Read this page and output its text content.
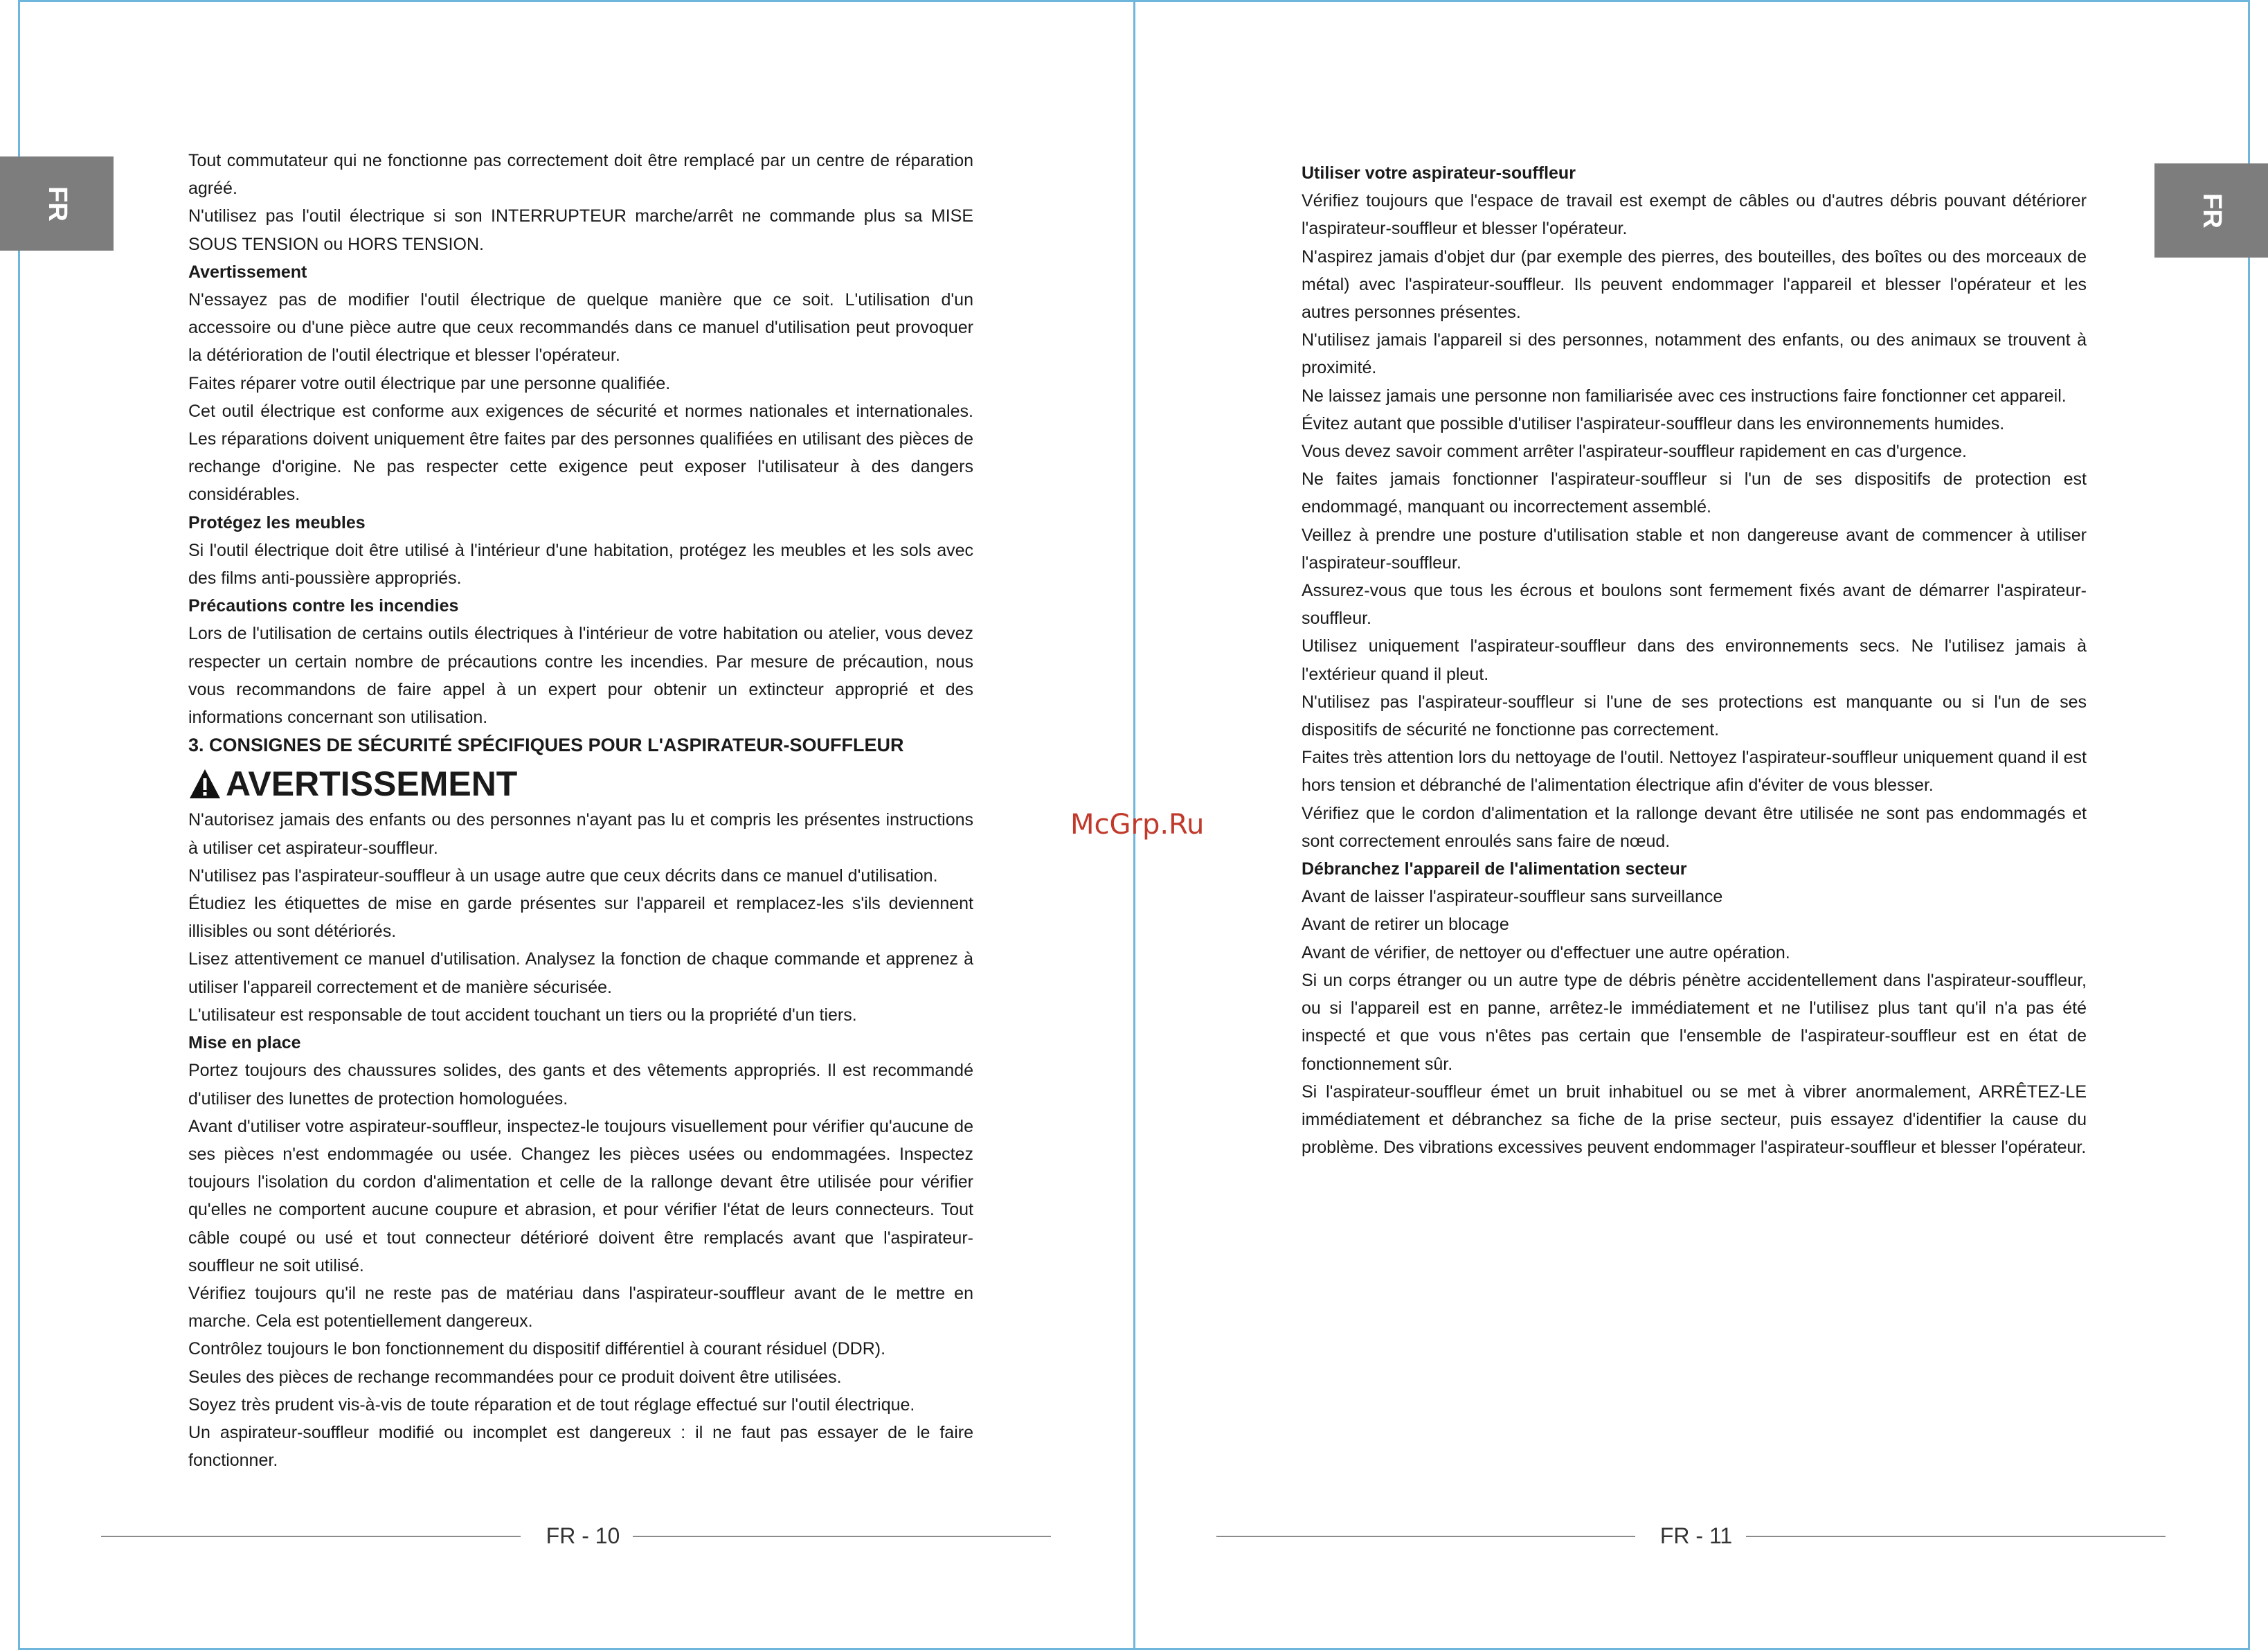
FR	FR

Tout commutateur qui ne fonctionne pas correctement doit être remplacé par un centre de réparation agréé.

N'utilisez pas l'outil électrique si son INTERRUPTEUR marche/arrêt ne commande plus sa MISE SOUS TENSION ou HORS TENSION.

Avertissement

N'essayez pas de modifier l'outil électrique de quelque manière que ce soit. L'utilisation d'un accessoire ou d'une pièce autre que ceux recommandés dans ce manuel d'utilisation peut provoquer la détérioration de l'outil électrique et blesser l'opérateur.

Faites réparer votre outil électrique par une personne qualifiée.

Cet outil électrique est conforme aux exigences de sécurité et normes nationales et internationales. Les réparations doivent uniquement être faites par des personnes qualifiées en utilisant des pièces de rechange d'origine. Ne pas respecter cette exigence peut exposer l'utilisateur à des dangers considérables.

Protégez les meubles

Si l'outil électrique doit être utilisé à l'intérieur d'une habitation, protégez les meubles et les sols avec des films anti-poussière appropriés.

Précautions contre les incendies

Lors de l'utilisation de certains outils électriques à l'intérieur de votre habitation ou atelier, vous devez respecter un certain nombre de précautions contre les incendies. Par mesure de précaution, nous vous recommandons de faire appel à un expert pour obtenir un extincteur approprié et des informations concernant son utilisation.

3. CONSIGNES DE SÉCURITÉ SPÉCIFIQUES POUR L'ASPIRATEUR-SOUFFLEUR

AVERTISSEMENT

N'autorisez jamais des enfants ou des personnes n'ayant pas lu et compris les présentes instructions à utiliser cet aspirateur-souffleur.

N'utilisez pas l'aspirateur-souffleur à un usage autre que ceux décrits dans ce manuel d'utilisation.

Étudiez les étiquettes de mise en garde présentes sur l'appareil et remplacez-les s'ils deviennent illisibles ou sont détériorés.

Lisez attentivement ce manuel d'utilisation. Analysez la fonction de chaque commande et apprenez à utiliser l'appareil correctement et de manière sécurisée.

L'utilisateur est responsable de tout accident touchant un tiers ou la propriété d'un tiers.

Mise en place

Portez toujours des chaussures solides, des gants et des vêtements appropriés. Il est recommandé d'utiliser des lunettes de protection homologuées.

Avant d'utiliser votre aspirateur-souffleur, inspectez-le toujours visuellement pour vérifier qu'aucune de ses pièces n'est endommagée ou usée. Changez les pièces usées ou endommagées. Inspectez toujours l'isolation du cordon d'alimentation et celle de la rallonge devant être utilisée pour vérifier qu'elles ne comportent aucune coupure et abrasion, et pour vérifier l'état de leurs connecteurs. Tout câble coupé ou usé et tout connecteur détérioré doivent être remplacés avant que l'aspirateur-souffleur ne soit utilisé.

Vérifiez toujours qu'il ne reste pas de matériau dans l'aspirateur-souffleur avant de le mettre en marche. Cela est potentiellement dangereux.

Contrôlez toujours le bon fonctionnement du dispositif différentiel à courant résiduel (DDR).

Seules des pièces de rechange recommandées pour ce produit doivent être utilisées.

Soyez très prudent vis-à-vis de toute réparation et de tout réglage effectué sur l'outil électrique.

Un aspirateur-souffleur modifié ou incomplet est dangereux : il ne faut pas essayer de le faire fonctionner.

Utiliser votre aspirateur-souffleur

Vérifiez toujours que l'espace de travail est exempt de câbles ou d'autres débris pouvant détériorer l'aspirateur-souffleur et blesser l'opérateur.

N'aspirez jamais d'objet dur (par exemple des pierres, des bouteilles, des boîtes ou des morceaux de métal) avec l'aspirateur-souffleur. Ils peuvent endommager l'appareil et blesser l'opérateur et les autres personnes présentes.

N'utilisez jamais l'appareil si des personnes, notamment des enfants, ou des animaux se trouvent à proximité.

Ne laissez jamais une personne non familiarisée avec ces instructions faire fonctionner cet appareil.

Évitez autant que possible d'utiliser l'aspirateur-souffleur dans les environnements humides.

Vous devez savoir comment arrêter l'aspirateur-souffleur rapidement en cas d'urgence.

Ne faites jamais fonctionner l'aspirateur-souffleur si l'un de ses dispositifs de protection est endommagé, manquant ou incorrectement assemblé.

Veillez à prendre une posture d'utilisation stable et non dangereuse avant de commencer à utiliser l'aspirateur-souffleur.

Assurez-vous que tous les écrous et boulons sont fermement fixés avant de démarrer l'aspirateur-souffleur.

Utilisez uniquement l'aspirateur-souffleur dans des environnements secs. Ne l'utilisez jamais à l'extérieur quand il pleut.

N'utilisez pas l'aspirateur-souffleur si l'une de ses protections est manquante ou si l'un de ses dispositifs de sécurité ne fonctionne pas correctement.

Faites très attention lors du nettoyage de l'outil. Nettoyez l'aspirateur-souffleur uniquement quand il est hors tension et débranché de l'alimentation électrique afin d'éviter de vous blesser.

Vérifiez que le cordon d'alimentation et la rallonge devant être utilisée ne sont pas endommagés et sont correctement enroulés sans faire de nœud.

Débranchez l'appareil de l'alimentation secteur

Avant de laisser l'aspirateur-souffleur sans surveillance

Avant de retirer un blocage

Avant de vérifier, de nettoyer ou d'effectuer une autre opération.

Si un corps étranger ou un autre type de débris pénètre accidentellement dans l'aspirateur-souffleur, ou si l'appareil est en panne, arrêtez-le immédiatement et ne l'utilisez plus tant qu'il n'a pas été inspecté et que vous n'êtes pas certain que l'ensemble de l'aspirateur-souffleur est en état de fonctionnement sûr.

Si l'aspirateur-souffleur émet un bruit inhabituel ou se met à vibrer anormalement, ARRÊTEZ-LE immédiatement et débranchez sa fiche de la prise secteur, puis essayez d'identifier la cause du problème. Des vibrations excessives peuvent endommager l'aspirateur-souffleur et blesser l'opérateur.

McGrp.Ru
FR - 10	FR - 11
